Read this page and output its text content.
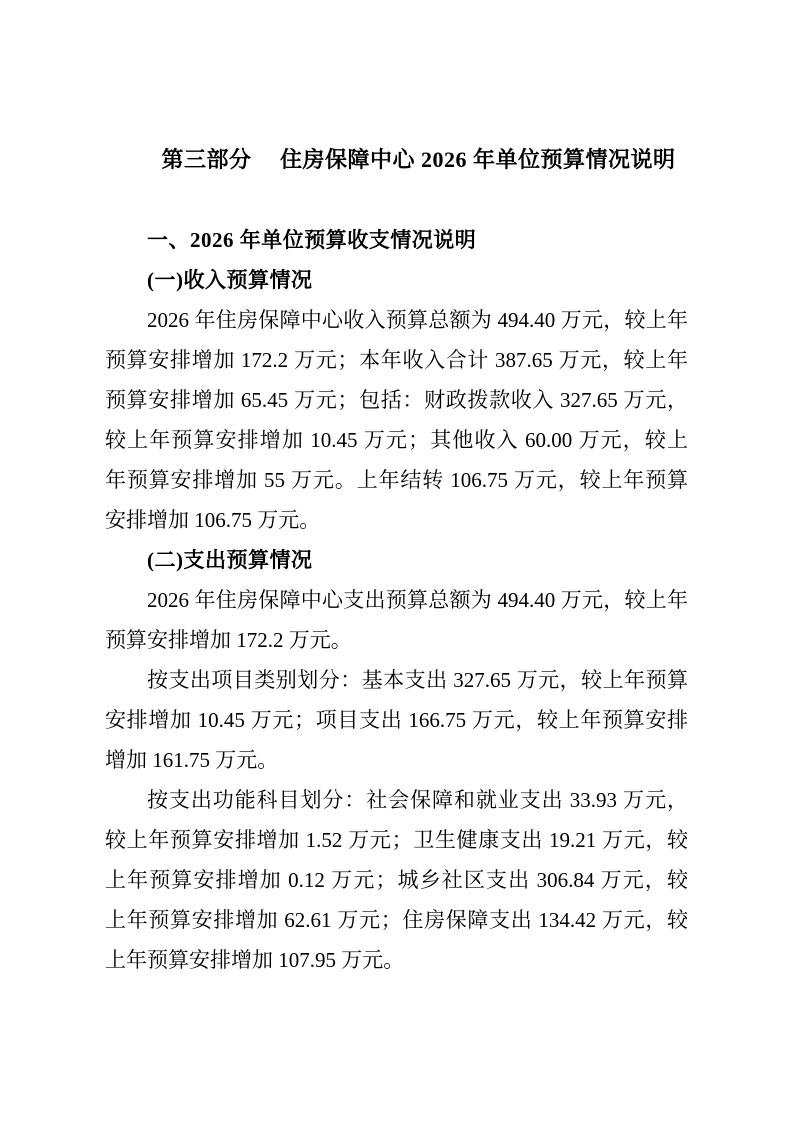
第三部分　 住房保障中心 2026 年单位预算情况说明
一、2026 年单位预算收支情况说明
(一)收入预算情况
2026 年住房保障中心收入预算总额为 494.40 万元，较上年
预算安排增加 172.2 万元；本年收入合计 387.65 万元，较上年
预算安排增加 65.45 万元；包括：财政拨款收入 327.65 万元，
较上年预算安排增加 10.45 万元；其他收入 60.00 万元，较上
年预算安排增加 55 万元。上年结转 106.75 万元，较上年预算
安排增加 106.75 万元。
(二)支出预算情况
2026 年住房保障中心支出预算总额为 494.40 万元，较上年
预算安排增加 172.2 万元。
按支出项目类别划分：基本支出 327.65 万元，较上年预算
安排增加 10.45 万元；项目支出 166.75 万元，较上年预算安排
增加 161.75 万元。
按支出功能科目划分：社会保障和就业支出 33.93 万元，
较上年预算安排增加 1.52 万元；卫生健康支出 19.21 万元，较
上年预算安排增加 0.12 万元；城乡社区支出 306.84 万元，较
上年预算安排增加 62.61 万元；住房保障支出 134.42 万元，较
上年预算安排增加 107.95 万元。
